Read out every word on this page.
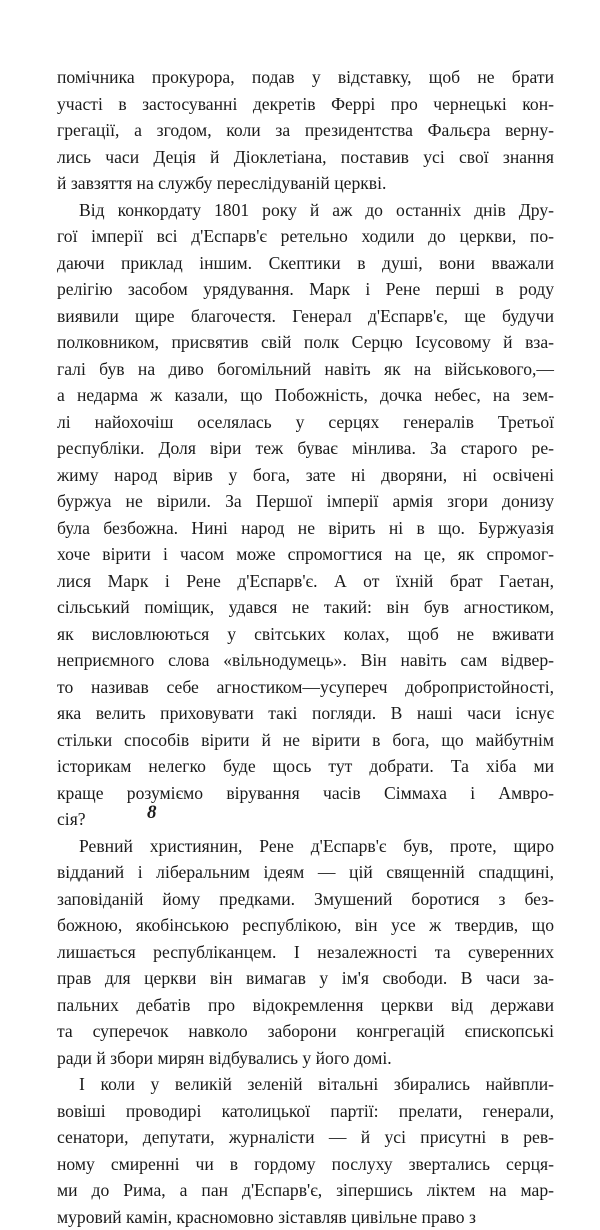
помічника прокурора, подав у відставку, щоб не брати
участі в застосуванні декретів Феррі про чернецькі кон-
грегації, а згодом, коли за президентства Фальєра верну-
лись часи Деція й Діоклетіана, поставив усі свої знання
й завзяття на службу переслідуваній церкві.
Від конкордату 1801 року й аж до останніх днів Дру-
гої імперії всі д'Еспарв'є ретельно ходили до церкви, по-
даючи приклад іншим. Скептики в душі, вони вважали
релігію засобом урядування. Марк і Рене перші в роду
виявили щире благочестя. Генерал д'Еспарв'є, ще будучи
полковником, присвятив свій полк Серцю Ісусовому й взa-
галі був на диво богомільний навіть як на військового,—
а недарма ж казали, що Побожність, дочка небес, на зем-
лі найохочіш оселялась у серцях генералів Третьої
республіки. Доля віри теж буває мінлива. За старого ре-
жиму народ вірив у бога, зате ні дворяни, ні освічені
буржуа не вірили. За Першої імперії армія згори донизу
була безбожна. Нині народ не вірить ні в що. Буржуазія
хоче вірити і часом може спромогтися на це, як спромог-
лися Марк і Рене д'Еспарв'є. А от їхній брат Гаетан,
сільський поміщик, удався не такий: він був агностиком,
як висловлюються у світських колах, щоб не вживати
неприємного слова «вільнодумець». Він навіть сам відвер-
то називав себе агностиком—усупереч добропристойності,
яка велить приховувати такі погляди. В наші часи існує
стільки способів вірити й не вірити в бога, що майбутнім
історикам нелегко буде щось тут добрати. Та хіба ми
краще розуміємо вірування часів Сіммаха і Амвро-
сія?
Ревний християнин, Рене д'Еспарв'є був, проте, щиро
відданий і ліберальним ідеям — цій священній спадщині,
заповіданій йому предками. Змушений боротися з без-
божною, якобінською республікою, він усе ж твердив, що
лишається республіканцем. І незалежності та суверенних
прав для церкви він вимагав у ім'я свободи. В часи за-
пальних дебатів про відокремлення церкви від держави
та суперечок навколо заборони конгрегацій єпископські
ради й збори мирян відбувались у його домі.
І коли у великій зеленій вітальні збирались найвпли-
вовіші проводирі католицької партії: прелати, генерали,
сенатори, депутати, журналісти — й усі присутні в рев-
ному смиренні чи в гордому послуху звертались серця-
ми до Рима, а пан д'Еспарв'є, зіпершись ліктем на мар-
муровий камін, красномовно зіставляв цивільне право з
8
